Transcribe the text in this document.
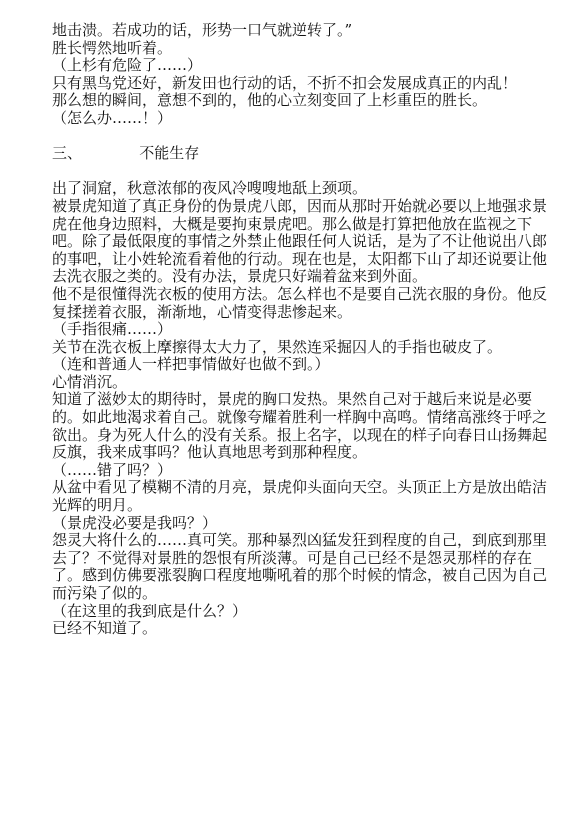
地击溃。若成功的话，形势一口气就逆转了。”

胜长愕然地听着。

（上杉有危险了……）

只有黑鸟党还好，新发田也行动的话，不折不扣会发展成真正的内乱！

那么想的瞬间，意想不到的，他的心立刻变回了上杉重臣的胜长。

（怎么办……！）

三、            不能生存

出了洞窟，秋意浓郁的夜风冷嗖嗖地舐上颈项。

被景虎知道了真正身份的伪景虎八郎，因而从那时开始就必要以上地强求景虎在他身边照料，大概是要拘束景虎吧。那么做是打算把他放在监视之下吧。除了最低限度的事情之外禁止他跟任何人说话，是为了不让他说出八郎的事吧，让小姓轮流看着他的行动。现在也是，太阳都下山了却还说要让他去洗衣服之类的。没有办法，景虎只好端着盆来到外面。

他不是很懂得洗衣板的使用方法。怎么样也不是要自己洗衣服的身份。他反复揉搓着衣服，渐渐地，心情变得悲惨起来。

（手指很痛……）

关节在洗衣板上摩擦得太大力了，果然连采掘囚人的手指也破皮了。

（连和普通人一样把事情做好也做不到。）

心情消沉。

知道了滋妙太的期待时，景虎的胸口发热。果然自己对于越后来说是必要的。如此地渴求着自己。就像夸耀着胜利一样胸中高鸣。情绪高涨终于呼之欲出。身为死人什么的没有关系。报上名字，以现在的样子向春日山扬舞起反旗，我来成事吗？他认真地思考到那种程度。

（……错了吗？）

从盆中看见了模糊不清的月亮，景虎仰头面向天空。头顶正上方是放出皓洁光辉的明月。

（景虎没必要是我吗？）

怨灵大将什么的……真可笑。那种暴烈凶猛发狂到程度的自己，到底到那里去了？不觉得对景胜的怨恨有所淡薄。可是自己已经不是怨灵那样的存在了。感到仿佛要涨裂胸口程度地嘶吼着的那个时候的情念，被自己因为自己而污染了似的。

（在这里的我到底是什么？）

已经不知道了。
